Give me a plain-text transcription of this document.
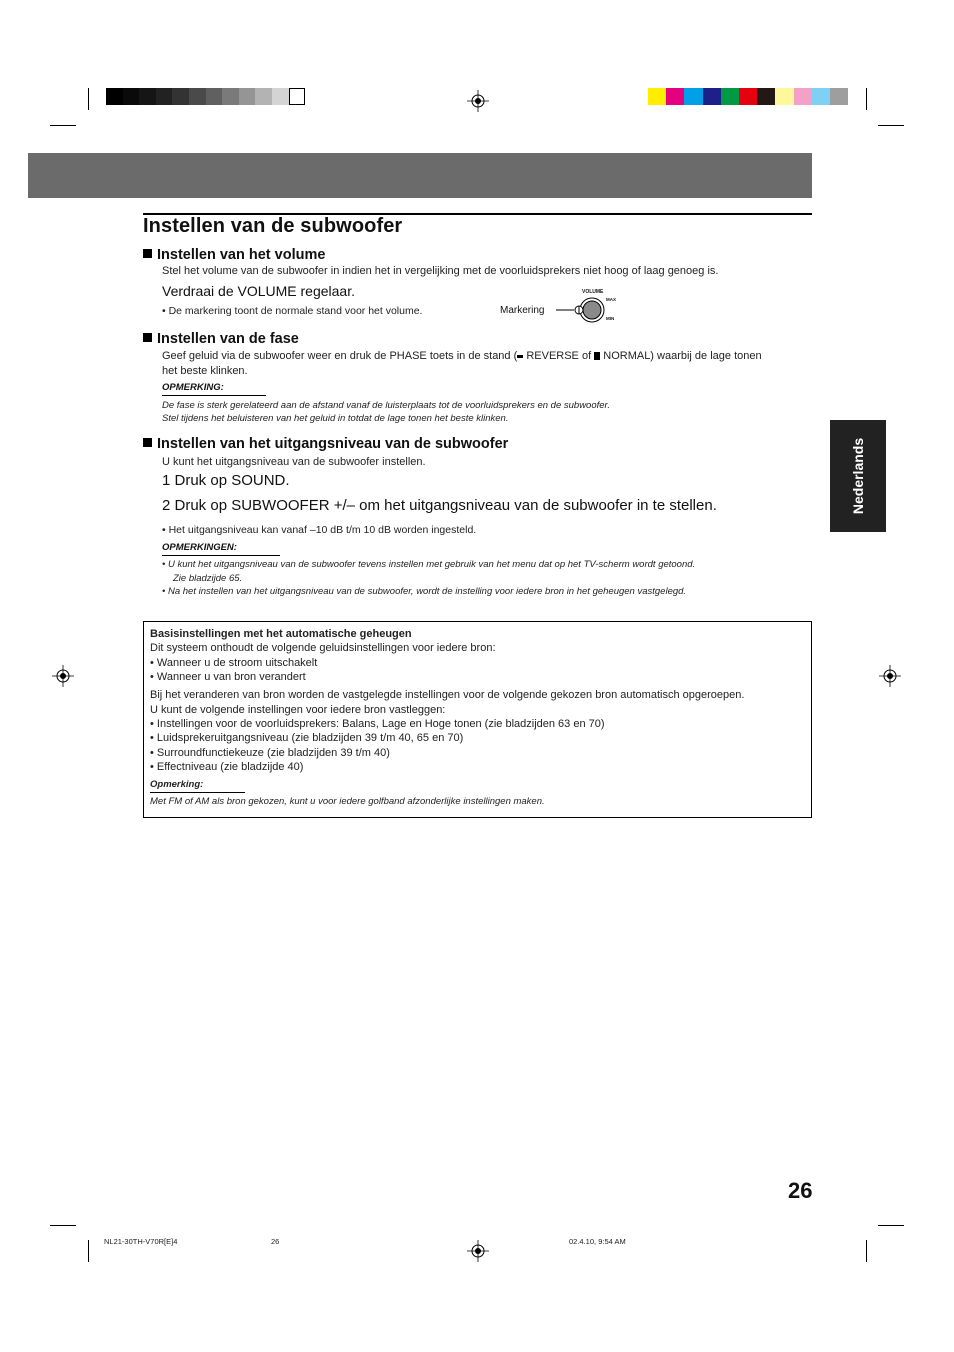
Instellen van de subwoofer
Instellen van het volume
Stel het volume van de subwoofer in indien het in vergelijking met de voorluidsprekers niet hoog of laag genoeg is.
Verdraai de VOLUME regelaar.
• De markering toont de normale stand voor het volume.	Markering
VOLUME
MAX
MIN
Instellen van de fase
Geef geluid via de subwoofer weer en druk de PHASE toets in de stand ( REVERSE of  NORMAL) waarbij de lage tonen
het beste klinken.
OPMERKING:
De fase is sterk gerelateerd aan de afstand vanaf de luisterplaats tot de voorluidsprekers en de subwoofer.
Stel tijdens het beluisteren van het geluid in totdat de lage tonen het beste klinken.
Instellen van het uitgangsniveau van de subwoofer
U kunt het uitgangsniveau van de subwoofer instellen.
1 Druk op SOUND.
2 Druk op SUBWOOFER +/– om het uitgangsniveau van de subwoofer in te stellen.
• Het uitgangsniveau kan vanaf –10 dB t/m 10 dB worden ingesteld.
OPMERKINGEN:
• U kunt het uitgangsniveau van de subwoofer tevens instellen met gebruik van het menu dat op het TV-scherm wordt getoond.
Zie bladzijde 65.
• Na het instellen van het uitgangsniveau van de subwoofer, wordt de instelling voor iedere bron in het geheugen vastgelegd.
Nederlands
Basisinstellingen met het automatische geheugen
Dit systeem onthoudt de volgende geluidsinstellingen voor iedere bron:
• Wanneer u de stroom uitschakelt
• Wanneer u van bron verandert
Bij het veranderen van bron worden de vastgelegde instellingen voor de volgende gekozen bron automatisch opgeroepen.
U kunt de volgende instellingen voor iedere bron vastleggen:
• Instellingen voor de voorluidsprekers: Balans, Lage en Hoge tonen (zie bladzijden 63 en 70)
• Luidsprekeruitgangsniveau (zie bladzijden 39 t/m 40, 65 en 70)
• Surroundfunctiekeuze (zie bladzijden 39 t/m 40)
• Effectniveau (zie bladzijde 40)
Opmerking:
Met FM of AM als bron gekozen, kunt u voor iedere golfband afzonderlijke instellingen maken.
26
NL21-30TH-V70R[E]4	26	02.4.10, 9:54 AM
